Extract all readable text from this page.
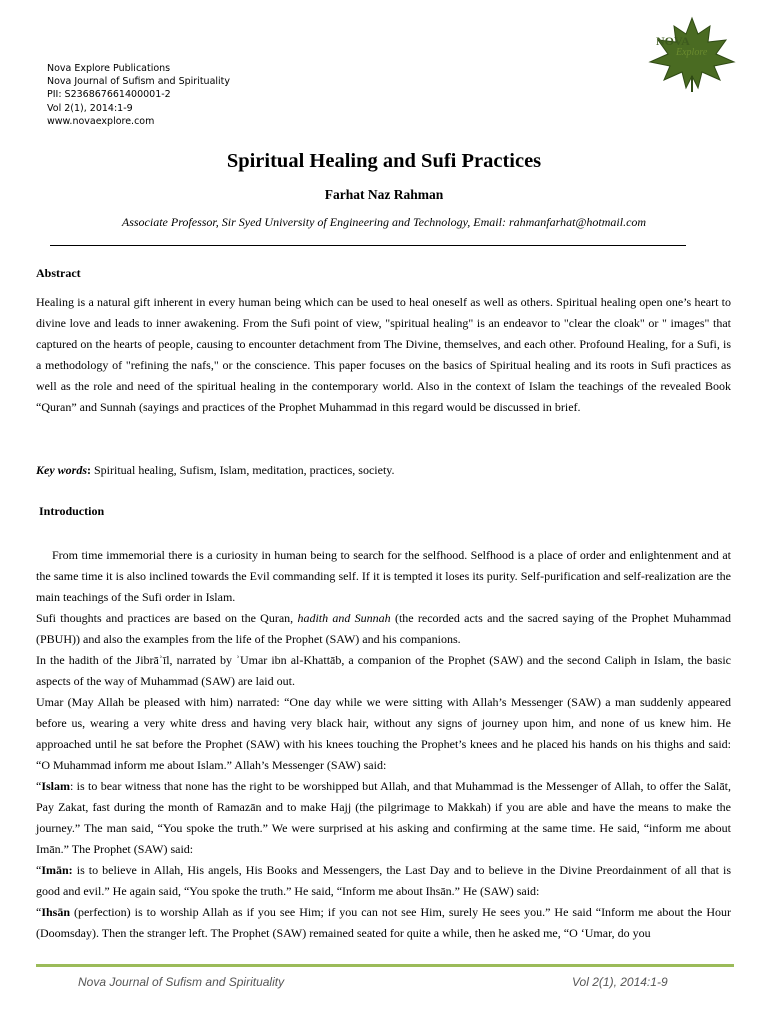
Nova Explore Publications
Nova Journal of Sufism and Spirituality
PII: S236867661400001-2
Vol 2(1), 2014:1-9
www.novaexplore.com
NOVA
Explore
Spiritual Healing and Sufi Practices
Farhat Naz Rahman
Associate Professor, Sir Syed University of Engineering and Technology, Email: rahmanfarhat@hotmail.com
Abstract
Healing is a natural gift inherent in every human being which can be used to heal oneself as well as others. Spiritual healing open one’s heart to divine love and leads to inner awakening. From the Sufi point of view, "spiritual healing" is an endeavor to "clear the cloak" or " images" that captured on the hearts of people, causing to encounter detachment from The Divine, themselves, and each other. Profound Healing, for a Sufi, is a methodology of "refining the nafs," or the conscience. This paper focuses on the basics of Spiritual healing and its roots in Sufi practices as well as the role and need of the spiritual healing in the contemporary world. Also in the context of Islam the teachings of the revealed Book “Quran” and Sunnah (sayings and practices of the Prophet Muhammad in this regard would be discussed in brief.
Key words: Spiritual healing, Sufism, Islam, meditation, practices, society.
Introduction

From time immemorial there is a curiosity in human being to search for the selfhood. Selfhood is a place of order and enlightenment and at the same time it is also inclined towards the Evil commanding self. If it is tempted it loses its purity. Self-purification and self-realization are the main teachings of the Sufi order in Islam.

Sufi thoughts and practices are based on the Quran, hadith and Sunnah (the recorded acts and the sacred saying of the Prophet Muhammad (PBUH)) and also the examples from the life of the Prophet (SAW) and his companions.

In the hadith of the Jibrāʾīl, narrated by ʾUmar ibn al-Khattāb, a companion of the Prophet (SAW) and the second Caliph in Islam, the basic aspects of the way of Muhammad (SAW) are laid out.

Umar (May Allah be pleased with him) narrated: “One day while we were sitting with Allah’s Messenger (SAW) a man suddenly appeared before us, wearing a very white dress and having very black hair, without any signs of journey upon him, and none of us knew him. He approached until he sat before the Prophet (SAW) with his knees touching the Prophet’s knees and he placed his hands on his thighs and said: “O Muhammad inform me about Islam.” Allah’s Messenger (SAW) said:

“Islam: is to bear witness that none has the right to be worshipped but Allah, and that Muhammad is the Messenger of Allah, to offer the Salāt, Pay Zakat, fast during the month of Ramazān and to make Hajj (the pilgrimage to Makkah) if you are able and have the means to make the journey.” The man said, “You spoke the truth.” We were surprised at his asking and confirming at the same time. He said, “inform me about Imān.” The Prophet (SAW) said:

“Imān: is to believe in Allah, His angels, His Books and Messengers, the Last Day and to believe in the Divine Preordainment of all that is good and evil.” He again said, “You spoke the truth.” He said, “Inform me about Ihsān.” He (SAW) said:

“Ihsān (perfection) is to worship Allah as if you see Him; if you can not see Him, surely He sees you.” He said “Inform me about the Hour (Doomsday). Then the stranger left. The Prophet (SAW) remained seated for quite a while, then he asked me, “O ‘Umar, do you

Nova Journal of Sufism and Spirituality	Vol 2(1), 2014:1-9
